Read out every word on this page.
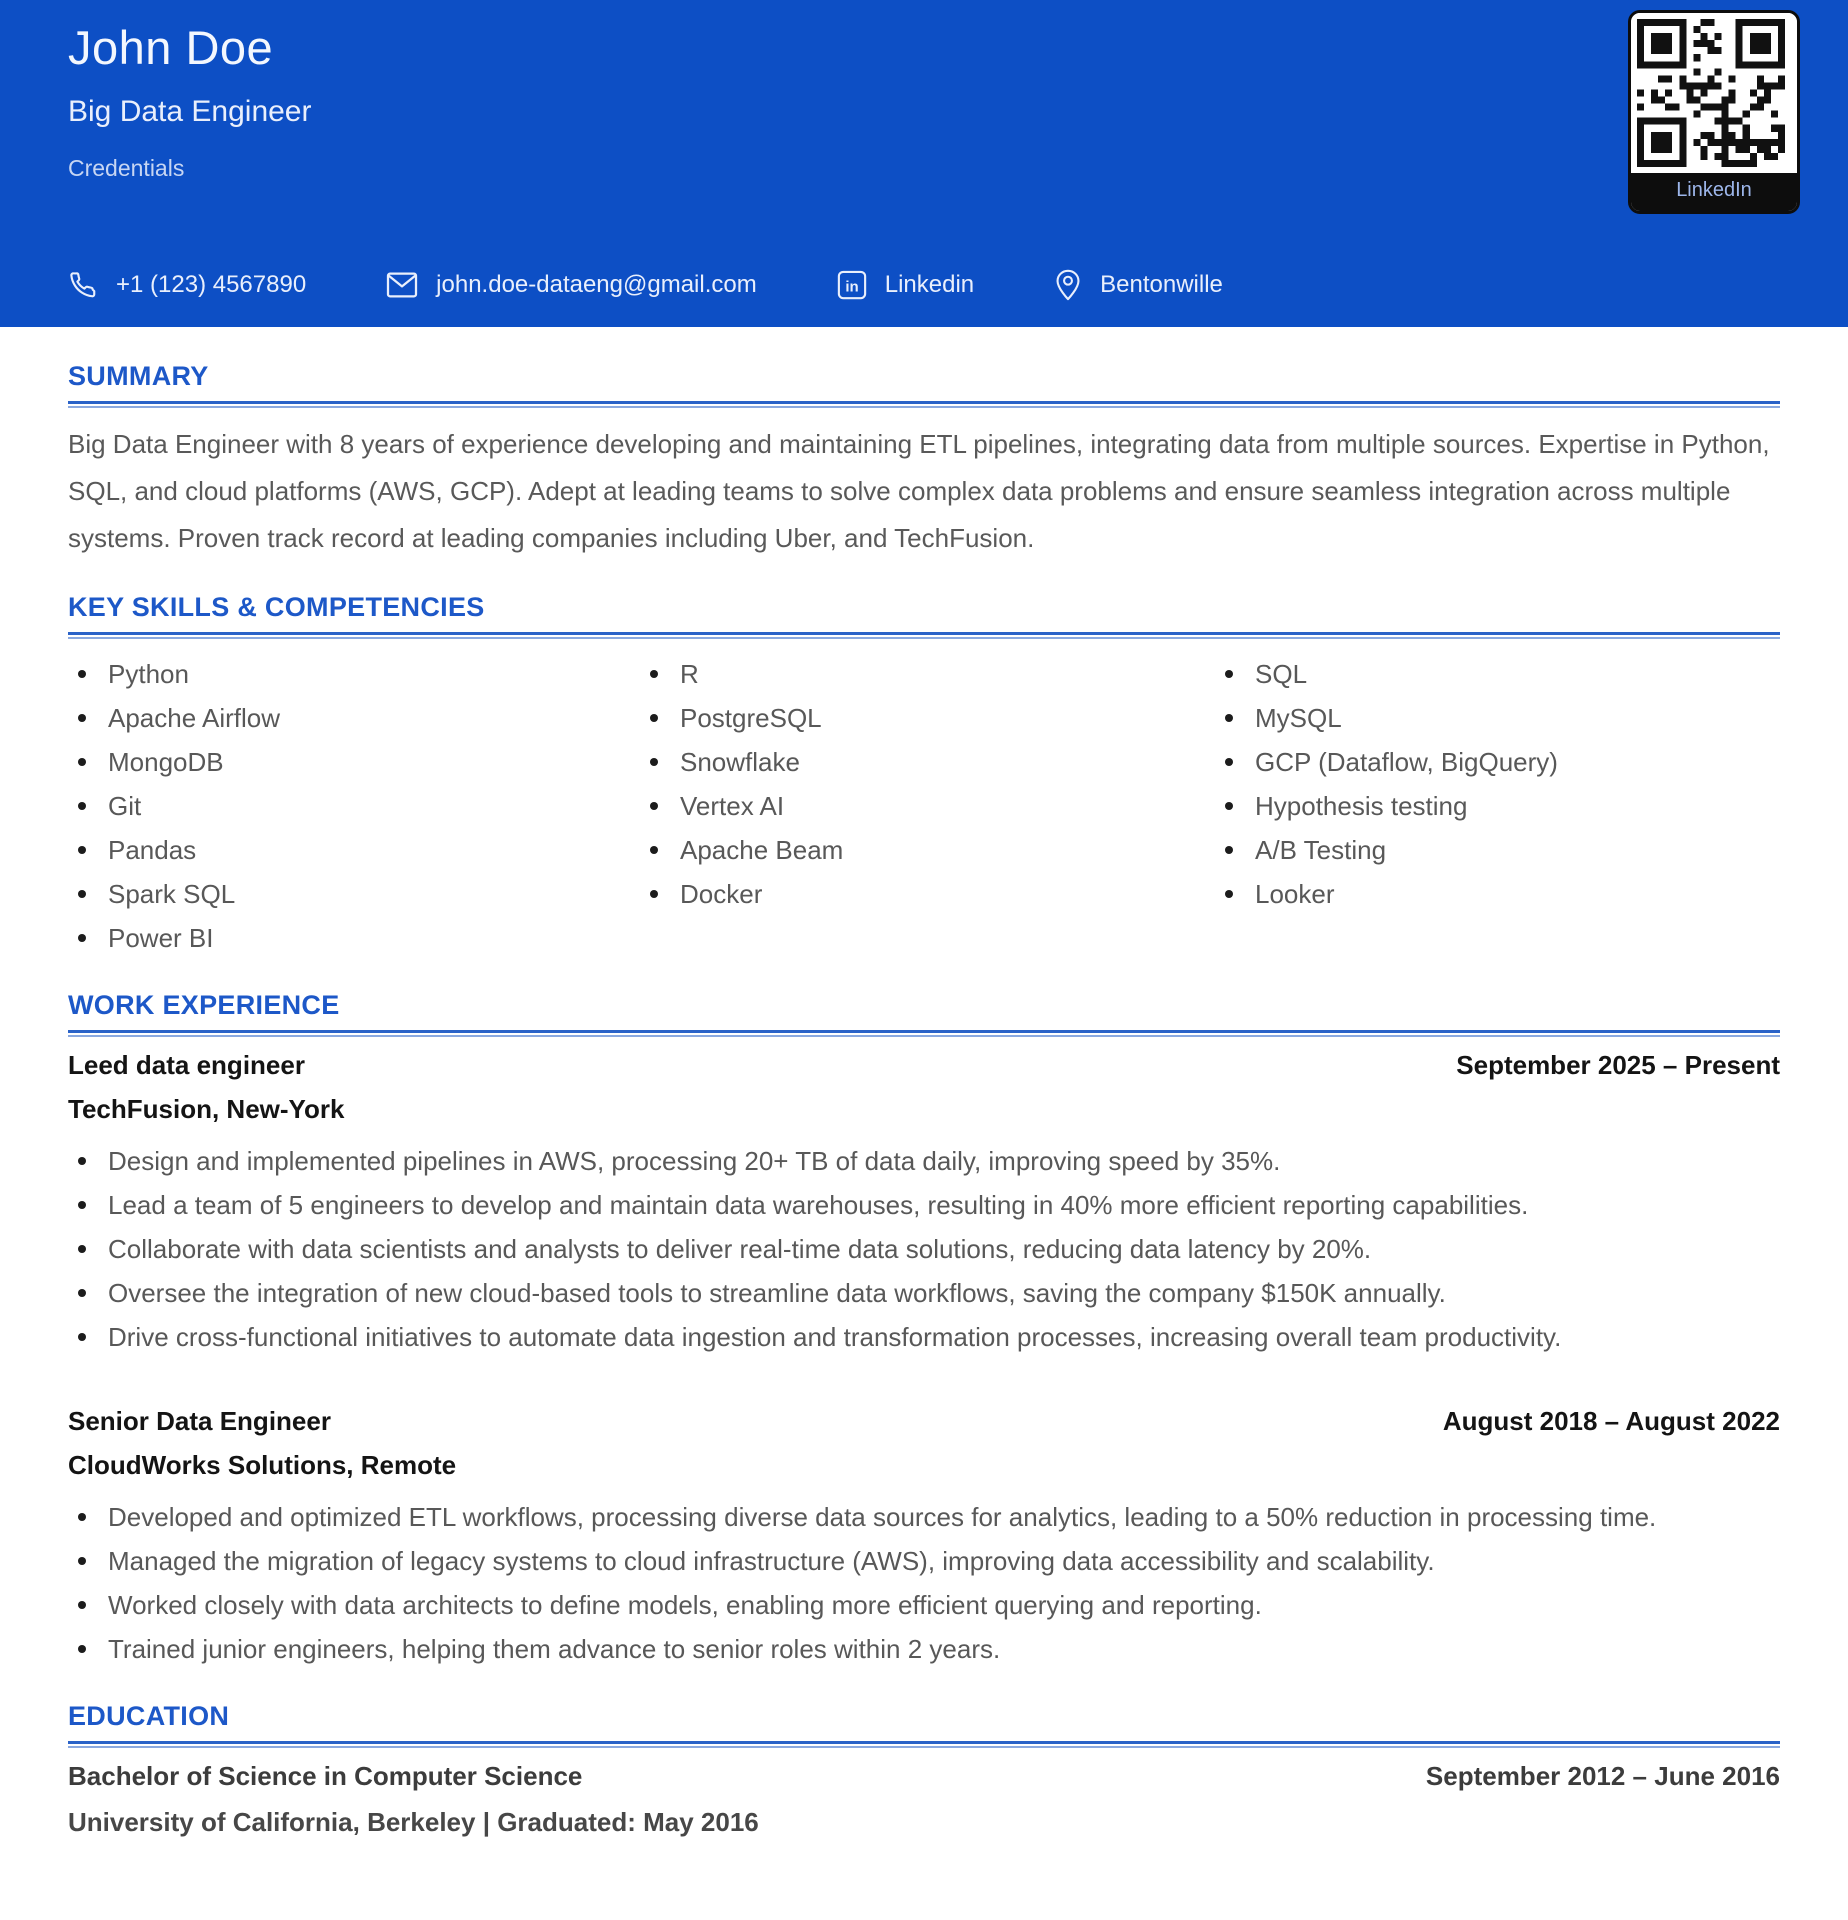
John Doe
Big Data Engineer
Credentials
+1 (123) 4567890	john.doe-dataeng@gmail.com	in Linkedin	Bentonwille
LinkedIn
SUMMARY

Big Data Engineer with 8 years of experience developing and maintaining ETL pipelines, integrating data from multiple sources. Expertise in Python, SQL, and cloud platforms (AWS, GCP). Adept at leading teams to solve complex data problems and ensure seamless integration across multiple systems. Proven track record at leading companies including Uber, and TechFusion.

KEY SKILLS & COMPETENCIES
Python
Apache Airflow
MongoDB
Git
Pandas
Spark SQL
Power BI
R
PostgreSQL
Snowflake
Vertex AI
Apache Beam
Docker
SQL
MySQL
GCP (Dataflow, BigQuery)
Hypothesis testing
A/B Testing
Looker
WORK EXPERIENCE
Leed data engineer	September 2025 – Present
TechFusion, New-York
Design and implemented pipelines in AWS, processing 20+ TB of data daily, improving speed by 35%.
Lead a team of 5 engineers to develop and maintain data warehouses, resulting in 40% more efficient reporting capabilities.
Collaborate with data scientists and analysts to deliver real-time data solutions, reducing data latency by 20%.
Oversee the integration of new cloud-based tools to streamline data workflows, saving the company $150K annually.
Drive cross-functional initiatives to automate data ingestion and transformation processes, increasing overall team productivity.
Senior Data Engineer	August 2018 – August 2022
CloudWorks Solutions, Remote
Developed and optimized ETL workflows, processing diverse data sources for analytics, leading to a 50% reduction in processing time.
Managed the migration of legacy systems to cloud infrastructure (AWS), improving data accessibility and scalability.
Worked closely with data architects to define models, enabling more efficient querying and reporting.
Trained junior engineers, helping them advance to senior roles within 2 years.
EDUCATION
Bachelor of Science in Computer Science	September 2012 – June 2016
University of California, Berkeley | Graduated: May 2016
